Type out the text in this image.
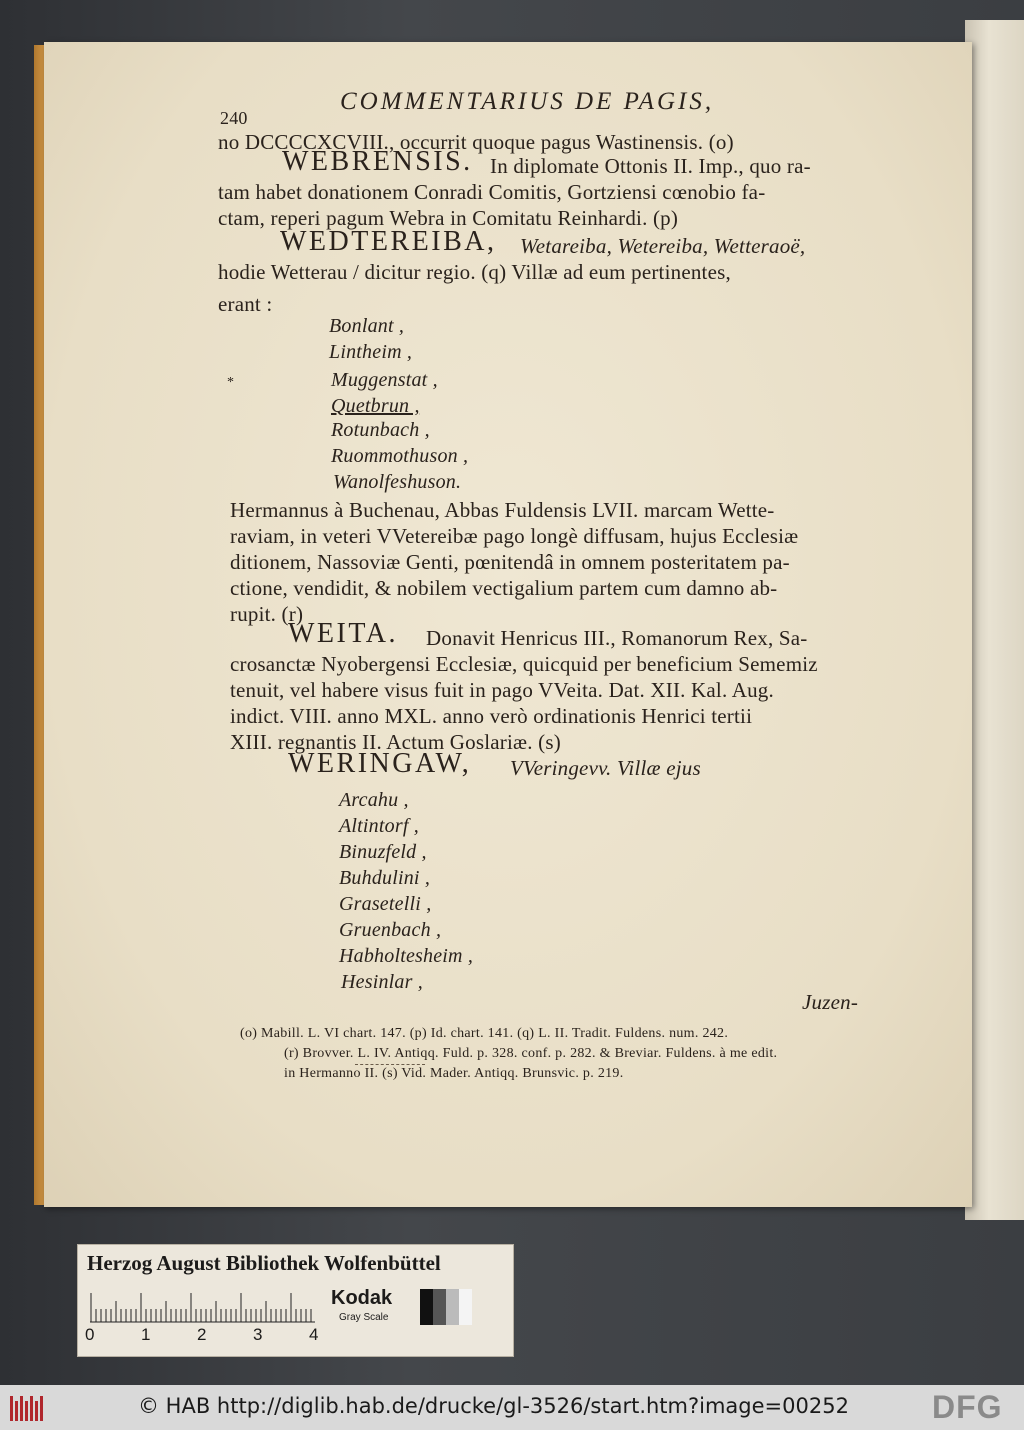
240
COMMENTARIUS DE PAGIS,
no DCCCCXCVIII., occurrit quoque pagus Wastinensis. (o)
WEBRENSIS. In diplomate Ottonis II. Imp., quo ra-
tam habet donationem Conradi Comitis, Gortziensi cœnobio fa-
ctam, reperi pagum Webra in Comitatu Reinhardi. (p)
WEDTEREIBA, Wetareiba, Wetereiba, Wetteraoë,
hodie Wetterau / dicitur regio. (q) Villæ ad eum pertinentes,
erant :
Bonlant ,
Lintheim ,
*	Muggenstat ,
Quetbrun ,
Rotunbach ,
Ruommothuson ,
Wanolfeshuson.
Hermannus à Buchenau, Abbas Fuldensis LVII. marcam Wette-
raviam, in veteri VVetereibæ pago longè diffusam, hujus Ecclesiæ
ditionem, Nassoviæ Genti, pœnitendâ in omnem posteritatem pa-
ctione, vendidit, & nobilem vectigalium partem cum damno ab-
rupit. (r)
WEITA. Donavit Henricus III., Romanorum Rex, Sa-
crosanctæ Nyobergensi Ecclesiæ, quicquid per beneficium Sememiz
tenuit, vel habere visus fuit in pago VVeita. Dat. XII. Kal. Aug.
indict. VIII. anno MXL. anno verò ordinationis Henrici tertii
XIII. regnantis II. Actum Goslariæ. (s)
WERINGAW, VVeringevv. Villæ ejus
Arcahu ,
Altintorf ,
Binuzfeld ,
Buhdulini ,
Grasetelli ,
Gruenbach ,
Habholtesheim ,
Hesinlar ,
Juzen-
(o) Mabill. L. VI chart. 147. (p) Id. chart. 141. (q) L. II. Tradit. Fuldens. num. 242.
(r) Brovver. L. IV. Antiqq. Fuld. p. 328. conf. p. 282. & Breviar. Fuldens. à me edit.
in Hermanno II. (s) Vid. Mader. Antiqq. Brunsvic. p. 219.
Herzog August Bibliothek Wolfenbüttel
Kodak
Gray Scale
0	1	2	3	4
© HAB http://diglib.hab.de/drucke/gl-3526/start.htm?image=00252	DFG
